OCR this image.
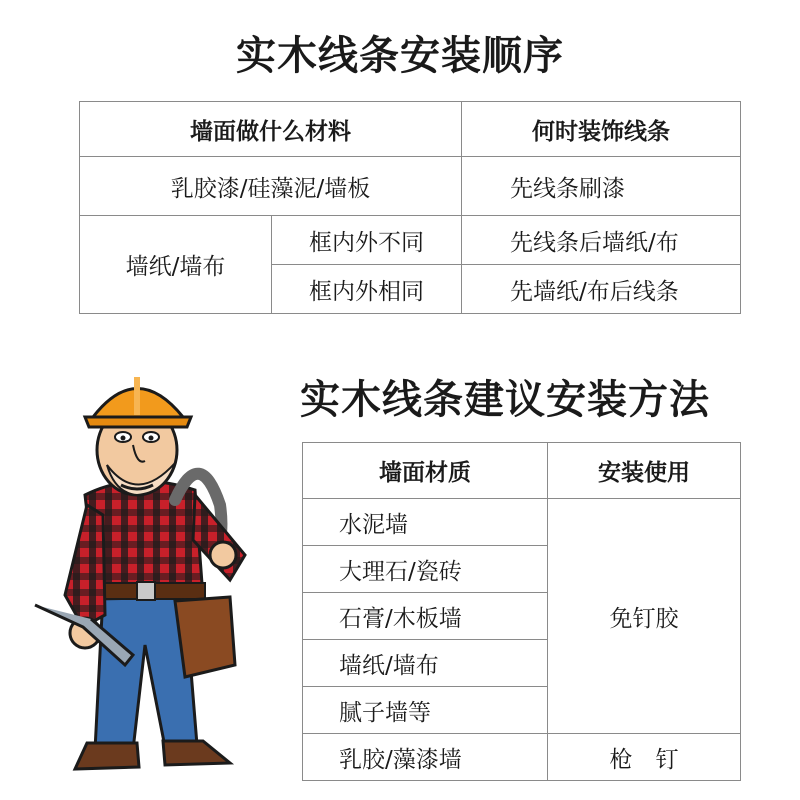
实木线条安装顺序
墙面做什么材料		何时装饰线条
乳胶漆/硅藻泥/墙板		先线条刷漆
墙纸/墙布	框内外不同	先线条后墙纸/布
	框内外相同	先墙纸/布后线条
实木线条建议安装方法
墙面材质	安装使用
水泥墙	免钉胶
大理石/瓷砖	
石膏/木板墙	
墙纸/墙布	
腻子墙等	
乳胶/藻漆墙	枪　钉
